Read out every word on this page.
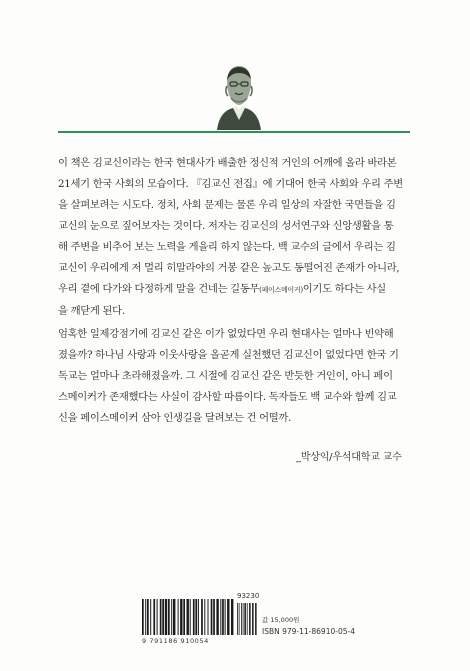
이 책은 김교신이라는 한국 현대사가 배출한 정신적 거인의 어깨에 올라 바라본
21세기 한국 사회의 모습이다. 『김교신 전집』에 기대어 한국 사회와 우리 주변
을 살펴보려는 시도다. 정치, 사회 문제는 물론 우리 일상의 자잘한 국면들을 김
교신의 눈으로 짚어보자는 것이다. 저자는 김교신의 성서연구와 신앙생활을 통
해 주변을 비추어 보는 노력을 게을리 하지 않는다. 백 교수의 글에서 우리는 김
교신이 우리에게 저 멀리 히말라야의 거봉 같은 높고도 동떨어진 존재가 아니라,
우리 곁에 다가와 다정하게 말을 건네는 길동무(페이스메이커)이기도 하다는 사실
을 깨닫게 된다.

엄혹한 일제강점기에 김교신 같은 이가 없었다면 우리 현대사는 얼마나 빈약해
졌을까? 하나님 사랑과 이웃사랑을 올곧게 실천했던 김교신이 없었다면 한국 기
독교는 얼마나 초라해졌을까. 그 시절에 김교신 같은 반듯한 거인이, 아니 페이
스메이커가 존재했다는 사실이 감사할 따름이다. 독자들도 백 교수와 함께 김교
신을 페이스메이커 삼아 인생길을 달려보는 건 어떨까.

_박상익/우석대학교 교수
93230
9 791186 910054
값 15,000원
ISBN 979-11-86910-05-4
